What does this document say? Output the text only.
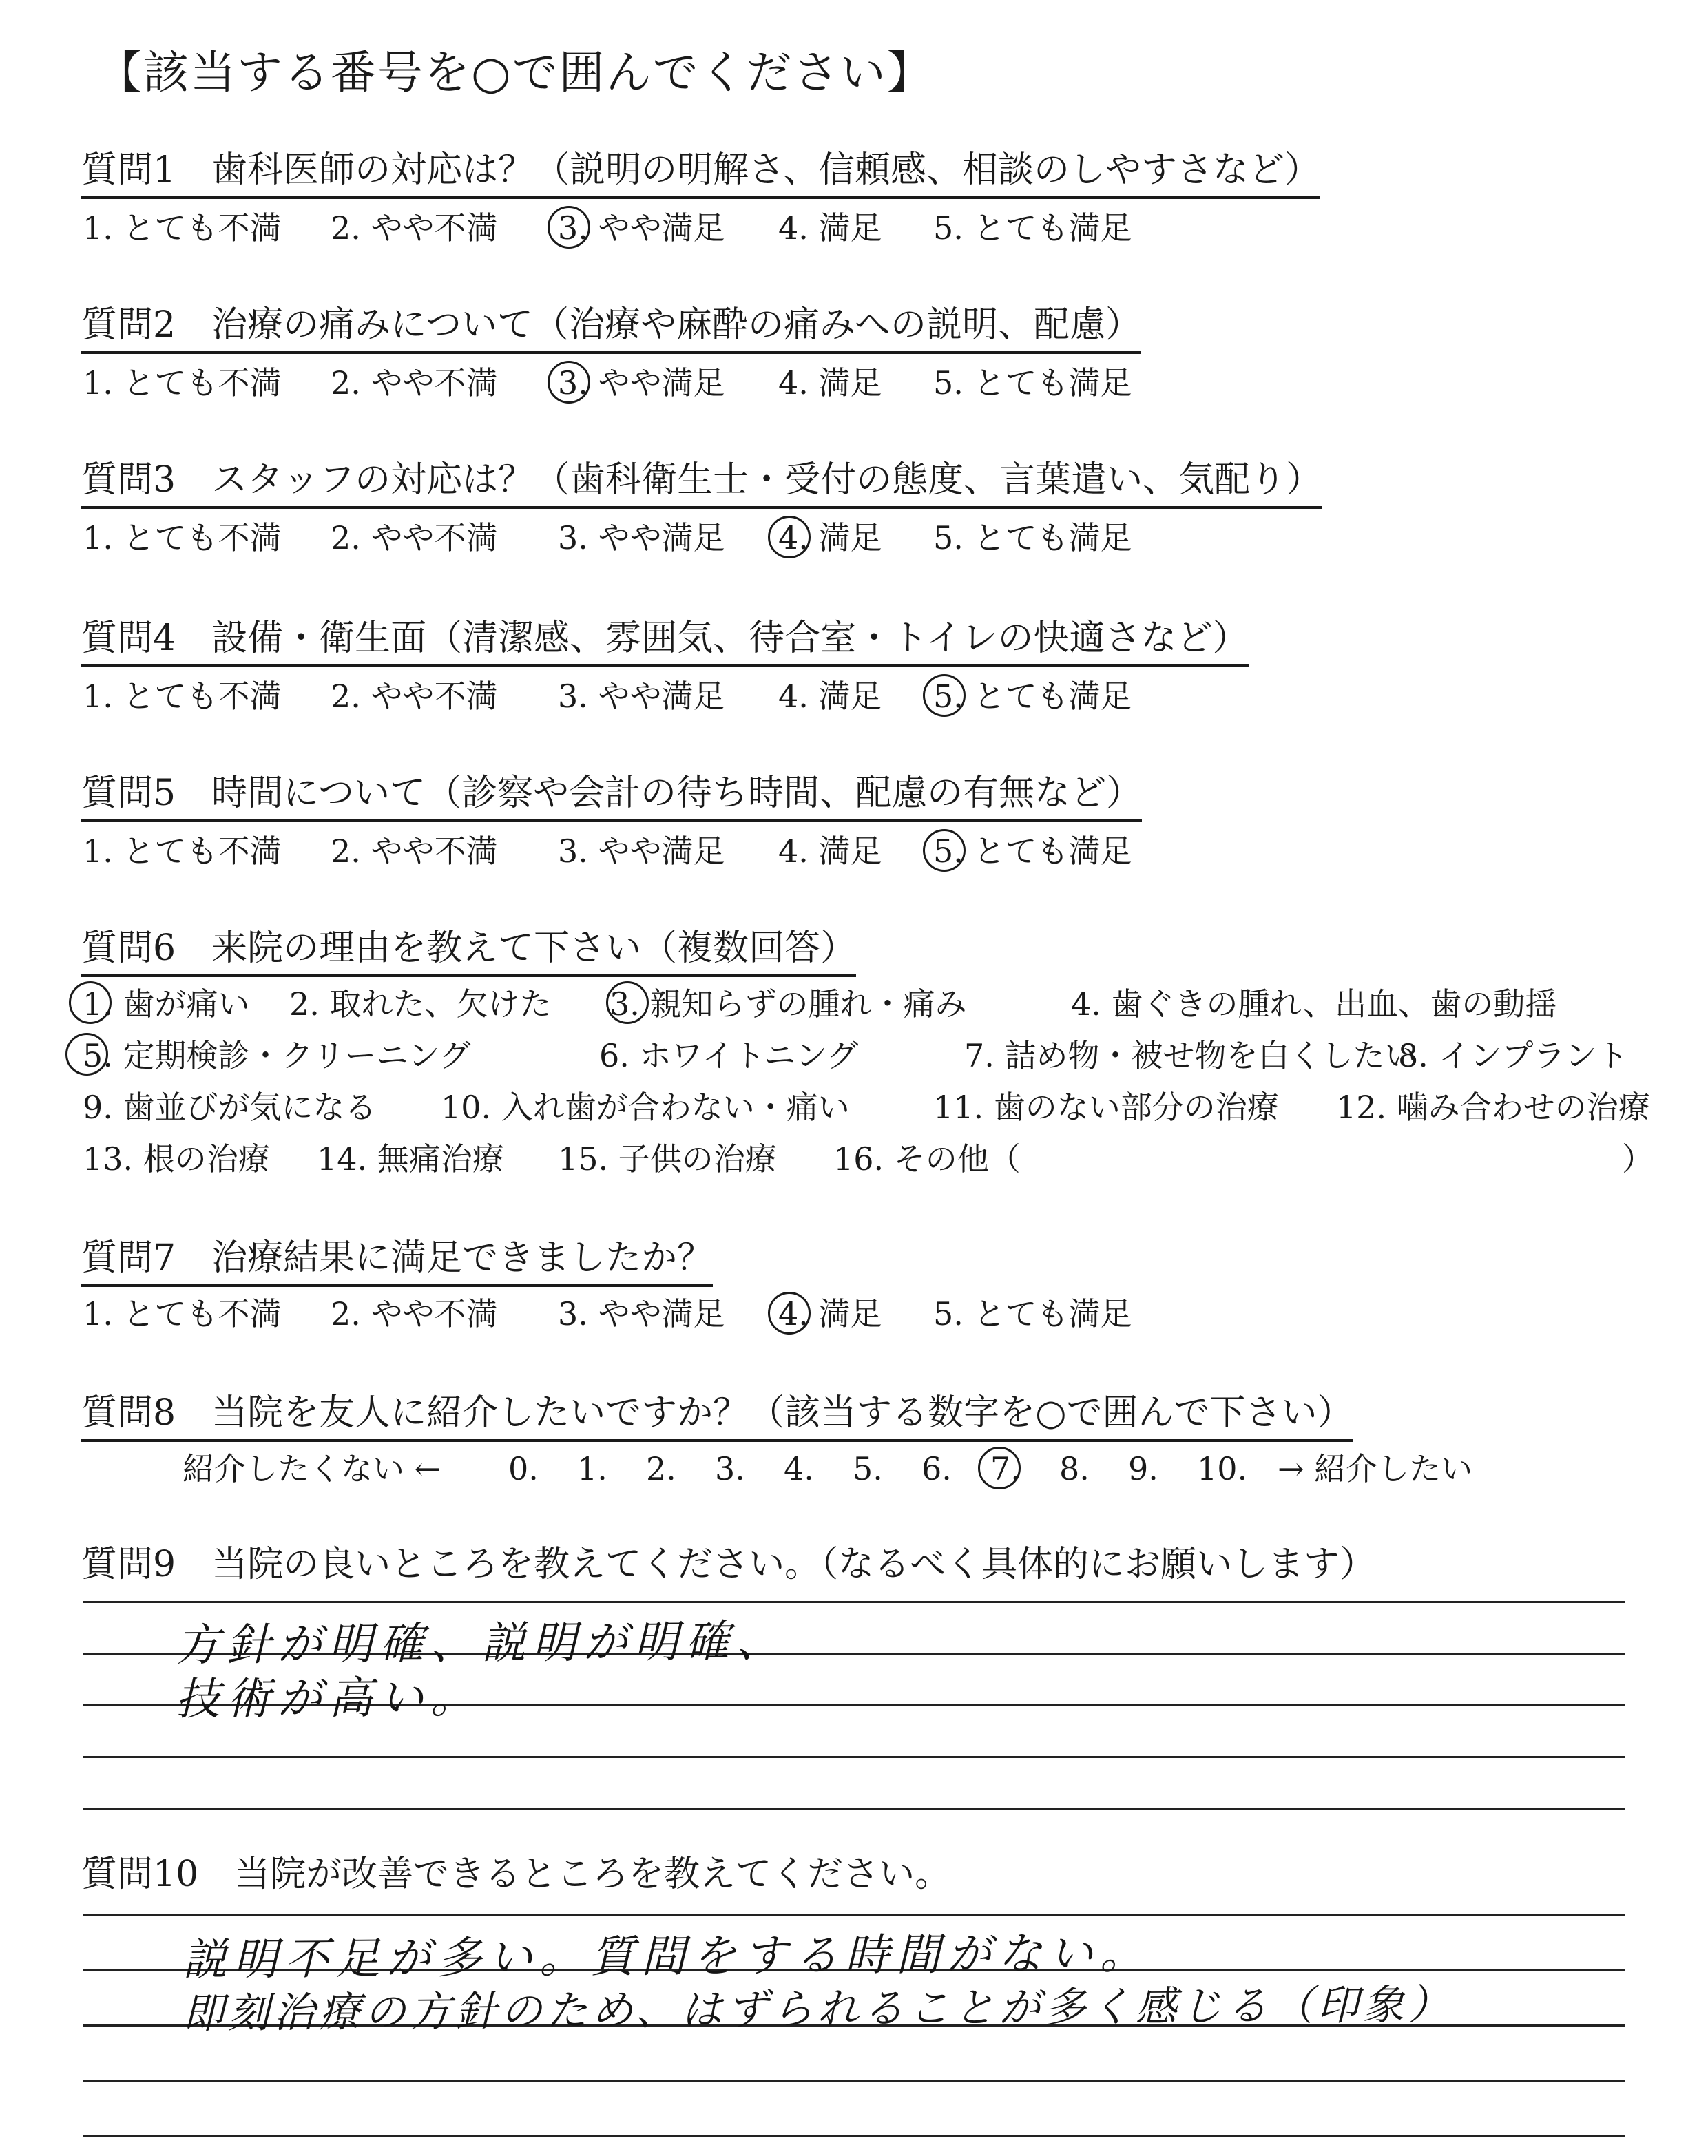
【該当する番号を○で囲んでください】
質問1　歯科医師の対応は？（説明の明解さ、信頼感、相談のしやすさなど）
1. とても不満 2. やや不満 3. やや満足 4. 満足 5. とても満足
質問2　治療の痛みについて（治療や麻酔の痛みへの説明、配慮）
1. とても不満 2. やや不満 3. やや満足 4. 満足 5. とても満足
質問3　スタッフの対応は？（歯科衛生士・受付の態度、言葉遣い、気配り）
1. とても不満 2. やや不満 3. やや満足 4. 満足 5. とても満足
質問4　設備・衛生面（清潔感、雰囲気、待合室・トイレの快適さなど）
1. とても不満 2. やや不満 3. やや満足 4. 満足 5. とても満足
質問5　時間について（診察や会計の待ち時間、配慮の有無など）
1. とても不満 2. やや不満 3. やや満足 4. 満足 5. とても満足
質問6　来院の理由を教えて下さい（複数回答）
1. 歯が痛い 2. 取れた、欠けた 3. 親知らずの腫れ・痛み	4. 歯ぐきの腫れ、出血、歯の動揺
5. 定期検診・クリーニング	6. ホワイトニング	7. 詰め物・被せ物を白くしたい
8. インプラント
9. 歯並びが気になる 10. 入れ歯が合わない・痛い	11. 歯のない部分の治療 12. 噛み合わせの治療
13. 根の治療 14. 無痛治療 15. 子供の治療 16. その他（	）
質問7　治療結果に満足できましたか？
1. とても不満 2. やや不満 3. やや満足 4. 満足 5. とても満足
質問8　当院を友人に紹介したいですか？（該当する数字を○で囲んで下さい）
紹介したくない ← 0. 1. 2. 3. 4. 5. 6. 7. 8. 9. 10. → 紹介したい
質問9　当院の良いところを教えてください。（なるべく具体的にお願いします）
方針が明確、説明が明確、
技術が高い。
質問10　当院が改善できるところを教えてください。
説明不足が多い。質問をする時間がない。
即刻治療の方針のため、はずられることが多く感じる（印象）
